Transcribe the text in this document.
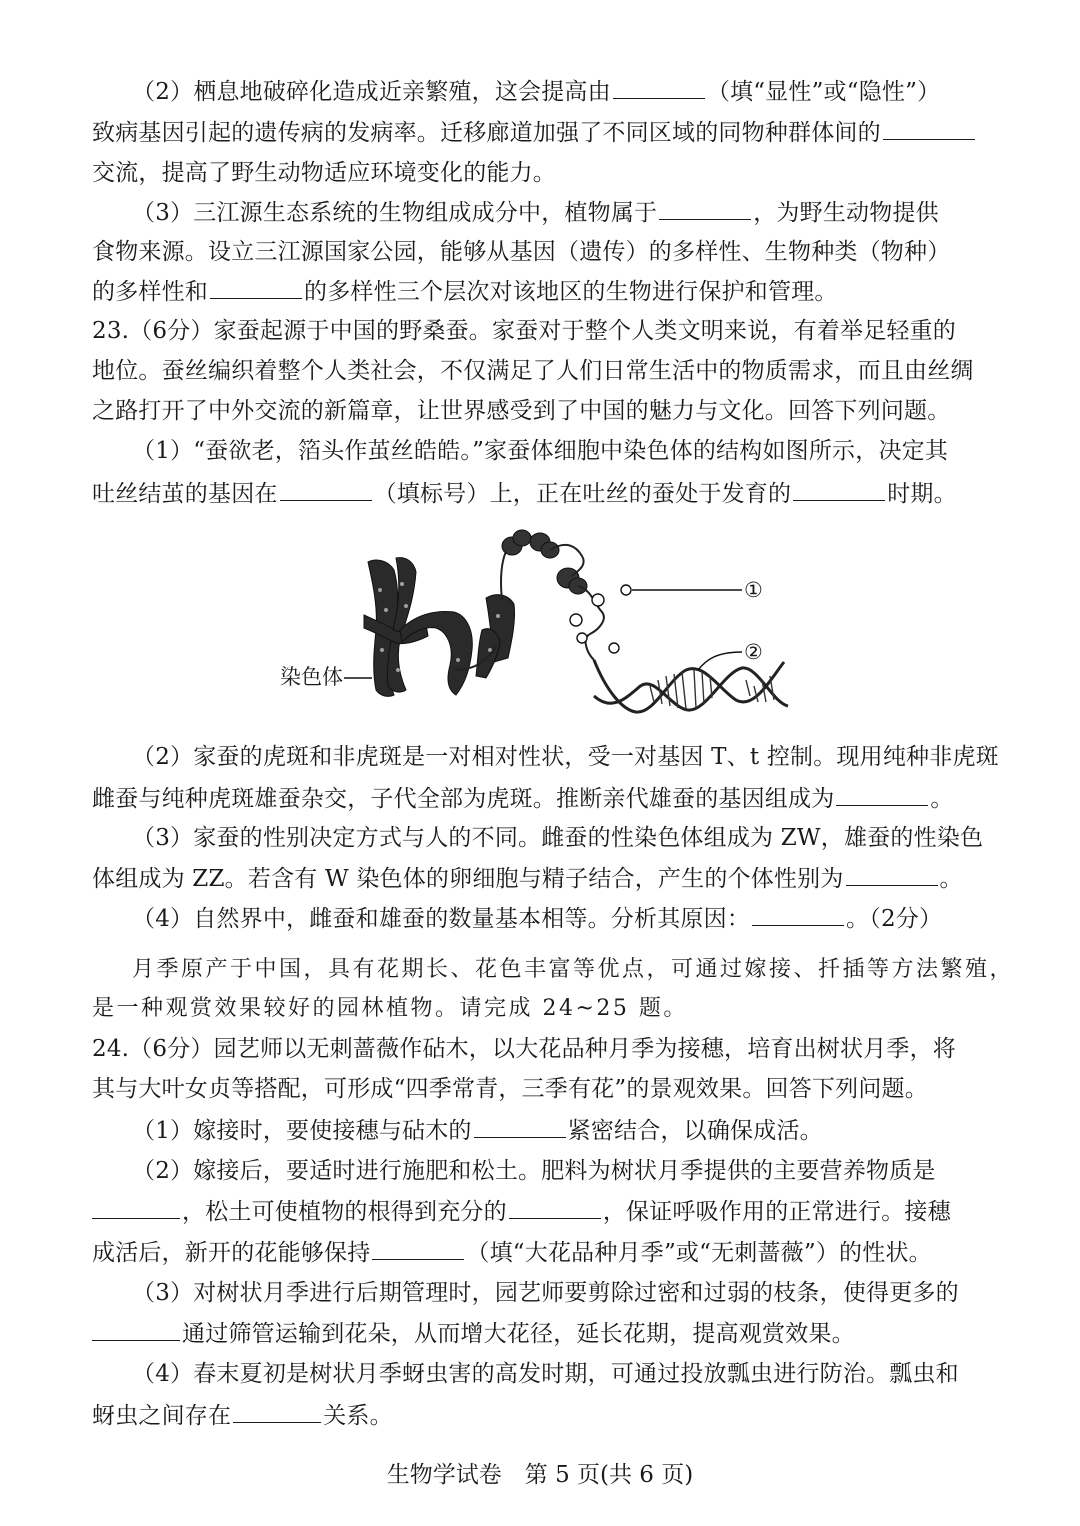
（2）栖息地破碎化造成近亲繁殖，这会提高由	（填“显性”或“隐性”）
致病基因引起的遗传病的发病率。迁移廊道加强了不同区域的同物种群体间的
交流，提高了野生动物适应环境变化的能力。
（3）三江源生态系统的生物组成成分中，植物属于	，为野生动物提供
食物来源。设立三江源国家公园，能够从基因（遗传）的多样性、生物种类（物种）
的多样性和	的多样性三个层次对该地区的生物进行保护和管理。
23.（6分）家蚕起源于中国的野桑蚕。家蚕对于整个人类文明来说，有着举足轻重的
地位。蚕丝编织着整个人类社会，不仅满足了人们日常生活中的物质需求，而且由丝绸
之路打开了中外交流的新篇章，让世界感受到了中国的魅力与文化。回答下列问题。
（1）“蚕欲老，箔头作茧丝皓皓。”家蚕体细胞中染色体的结构如图所示，决定其
吐丝结茧的基因在	（填标号）上，正在吐丝的蚕处于发育的	时期。
①
②
染色体
（2）家蚕的虎斑和非虎斑是一对相对性状，受一对基因 T、t 控制。现用纯种非虎斑
雌蚕与纯种虎斑雄蚕杂交，子代全部为虎斑。推断亲代雄蚕的基因组成为	。
（3）家蚕的性别决定方式与人的不同。雌蚕的性染色体组成为 ZW，雄蚕的性染色
体组成为 ZZ。若含有 W 染色体的卵细胞与精子结合，产生的个体性别为	。
（4）自然界中，雌蚕和雄蚕的数量基本相等。分析其原因：	。（2分）
月季原产于中国，具有花期长、花色丰富等优点，可通过嫁接、扦插等方法繁殖，
是一种观赏效果较好的园林植物。请完成 24~25 题。
24.（6分）园艺师以无刺蔷薇作砧木，以大花品种月季为接穗，培育出树状月季，将
其与大叶女贞等搭配，可形成“四季常青，三季有花”的景观效果。回答下列问题。
（1）嫁接时，要使接穗与砧木的	紧密结合，以确保成活。
（2）嫁接后，要适时进行施肥和松土。肥料为树状月季提供的主要营养物质是
，松土可使植物的根得到充分的	，保证呼吸作用的正常进行。接穗
成活后，新开的花能够保持	（填“大花品种月季”或“无刺蔷薇”）的性状。
（3）对树状月季进行后期管理时，园艺师要剪除过密和过弱的枝条，使得更多的
通过筛管运输到花朵，从而增大花径，延长花期，提高观赏效果。
（4）春末夏初是树状月季蚜虫害的高发时期，可通过投放瓢虫进行防治。瓢虫和
蚜虫之间存在	关系。
生物学试卷　第 5 页(共 6 页)
